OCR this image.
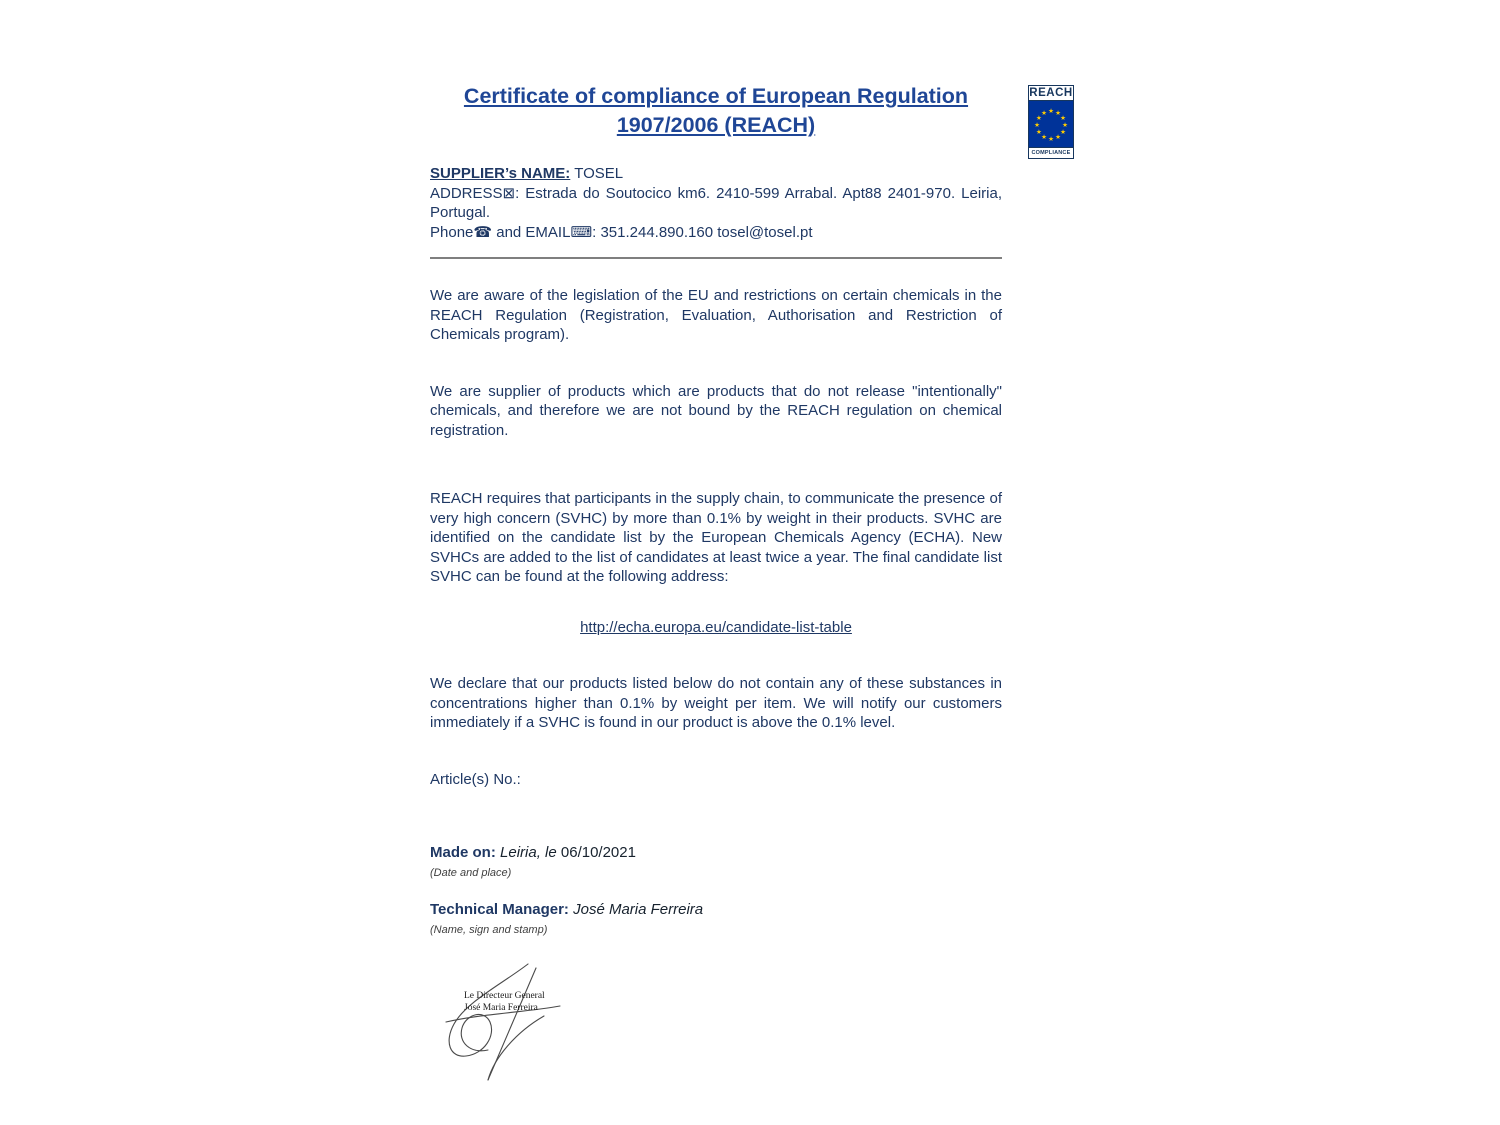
Certificate of compliance of European Regulation
1907/2006 (REACH)

SUPPLIER’s NAME: TOSEL

ADDRESS⊠: Estrada do Soutocico km6. 2410-599 Arrabal. Apt88 2401-970. Leiria, Portugal.

Phone☎ and EMAIL⌨: 351.244.890.160 tosel@tosel.pt

We are aware of the legislation of the EU and restrictions on certain chemicals in the REACH Regulation (Registration, Evaluation, Authorisation and Restriction of Chemicals program).

We are supplier of products which are products that do not release "intentionally" chemicals, and therefore we are not bound by the REACH regulation on chemical registration.

REACH requires that participants in the supply chain, to communicate the presence of very high concern (SVHC) by more than 0.1% by weight in their products. SVHC are identified on the candidate list by the European Chemicals Agency (ECHA). New SVHCs are added to the list of candidates at least twice a year. The final candidate list SVHC can be found at the following address:

http://echa.europa.eu/candidate-list-table

We declare that our products listed below do not contain any of these substances in concentrations higher than 0.1% by weight per item. We will notify our customers immediately if a SVHC is found in our product is above the 0.1% level.

Article(s) No.:

Made on: Leiria, le 06/10/2021

(Date and place)

Technical Manager: José Maria Ferreira

(Name, sign and stamp)

Le Directeur General
José Maria Ferreira
REACH
★ ★
★
★
★
★
★
★
★
★
★
★
COMPLIANCE
